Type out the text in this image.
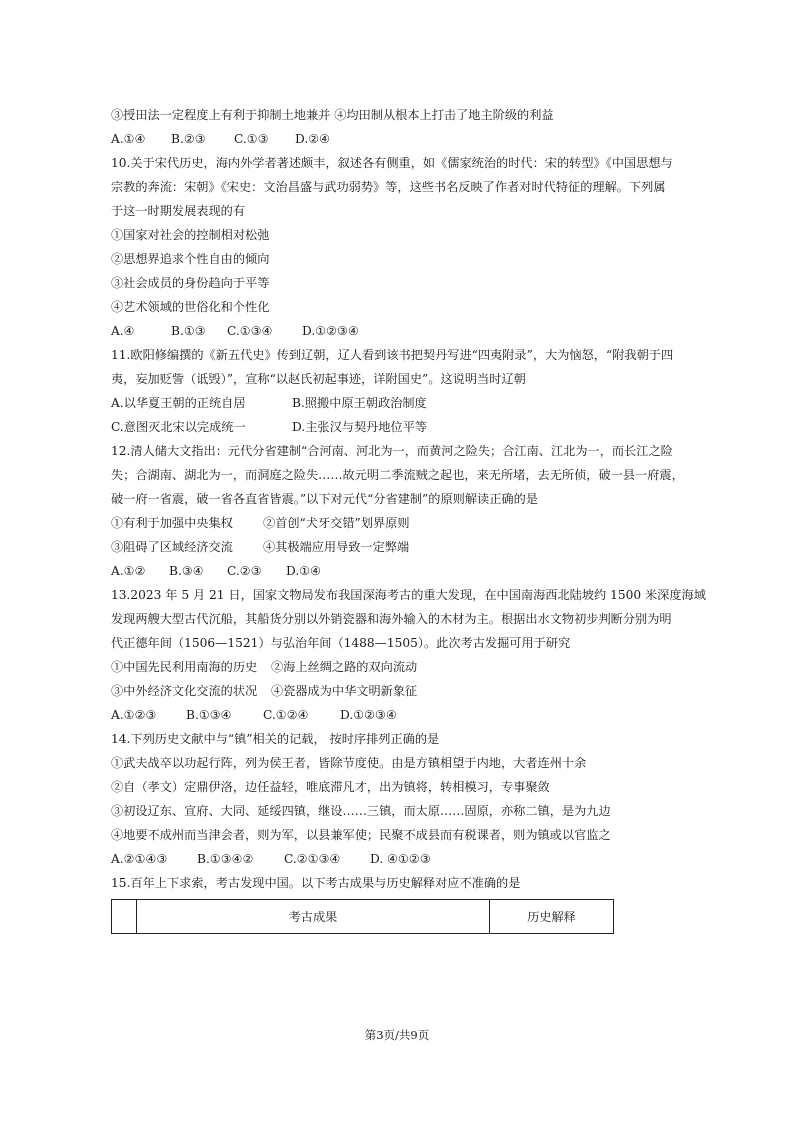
③授田法一定程度上有利于抑制土地兼并 ④均田制从根本上打击了地主阶级的利益
A.①④ B.②③ C.①③ D.②④
10.关于宋代历史，海内外学者著述颇丰，叙述各有侧重，如《儒家统治的时代：宋的转型》《中国思想与
宗教的奔流：宋朝》《宋史：文治昌盛与武功弱势》等，这些书名反映了作者对时代特征的理解。下列属
于这一时期发展表现的有
①国家对社会的控制相对松弛
②思想界追求个性自由的倾向
③社会成员的身份趋向于平等
④艺术领域的世俗化和个性化
A.④	B.①③ C.①③④ D.①②③④
11.欧阳修编撰的《新五代史》传到辽朝，辽人看到该书把契丹写进“四夷附录”，大为恼怒，“附我朝于四
夷，妄加贬訾（诋毁）”，宣称“以赵氏初起事迹，详附国史”。这说明当时辽朝
A.以华夏王朝的正统自居	B.照搬中原王朝政治制度
C.意图灭北宋以完成统一	D.主张汉与契丹地位平等
12.清人储大文指出：元代分省建制“合河南、河北为一，而黄河之险失；合江南、江北为一，而长江之险
失；合湖南、湖北为一，而洞庭之险失……故元明二季流贼之起也，来无所堵，去无所侦，破一县一府震，
破一府一省震，破一省各直省皆震。”以下对元代“分省建制”的原则解读正确的是
①有利于加强中央集权 ②首创“犬牙交错”划界原则
③阻碍了区域经济交流 ④其极端应用导致一定弊端
A.①② B.③④ C.②③ D.①④
13.2023 年 5 月 21 日，国家文物局发布我国深海考古的重大发现，在中国南海西北陆坡约 1500 米深度海域
发现两艘大型古代沉船，其船货分别以外销瓷器和海外输入的木材为主。根据出水文物初步判断分别为明
代正德年间（1506—1521）与弘治年间（1488—1505）。此次考古发掘可用于研究
①中国先民利用南海的历史 ②海上丝绸之路的双向流动
③中外经济文化交流的状况 ④瓷器成为中华文明新象征
A.①②③ B.①③④	C.①②④	D.①②③④
14.下列历史文献中与“镇”相关的记载， 按时序排列正确的是
①武夫战卒以功起行阵，列为侯王者，皆除节度使。由是方镇相望于内地，大者连州十余
②自（孝文）定鼎伊洛，边任益轻，唯底滞凡才，出为镇将，转相模习，专事聚敛
③初设辽东、宣府、大同、延绥四镇，继设……三镇，而太原……固原，亦称二镇，是为九边
④地要不成州而当津会者，则为军，以县兼军使；民聚不成县而有税课者，则为镇或以官监之
A.②①④③ B.①③④② C.②①③④ D. ④①②③
15.百年上下求索，考古发现中国。以下考古成果与历史解释对应不准确的是
	考古成果	历史解释
第3页/共9页
